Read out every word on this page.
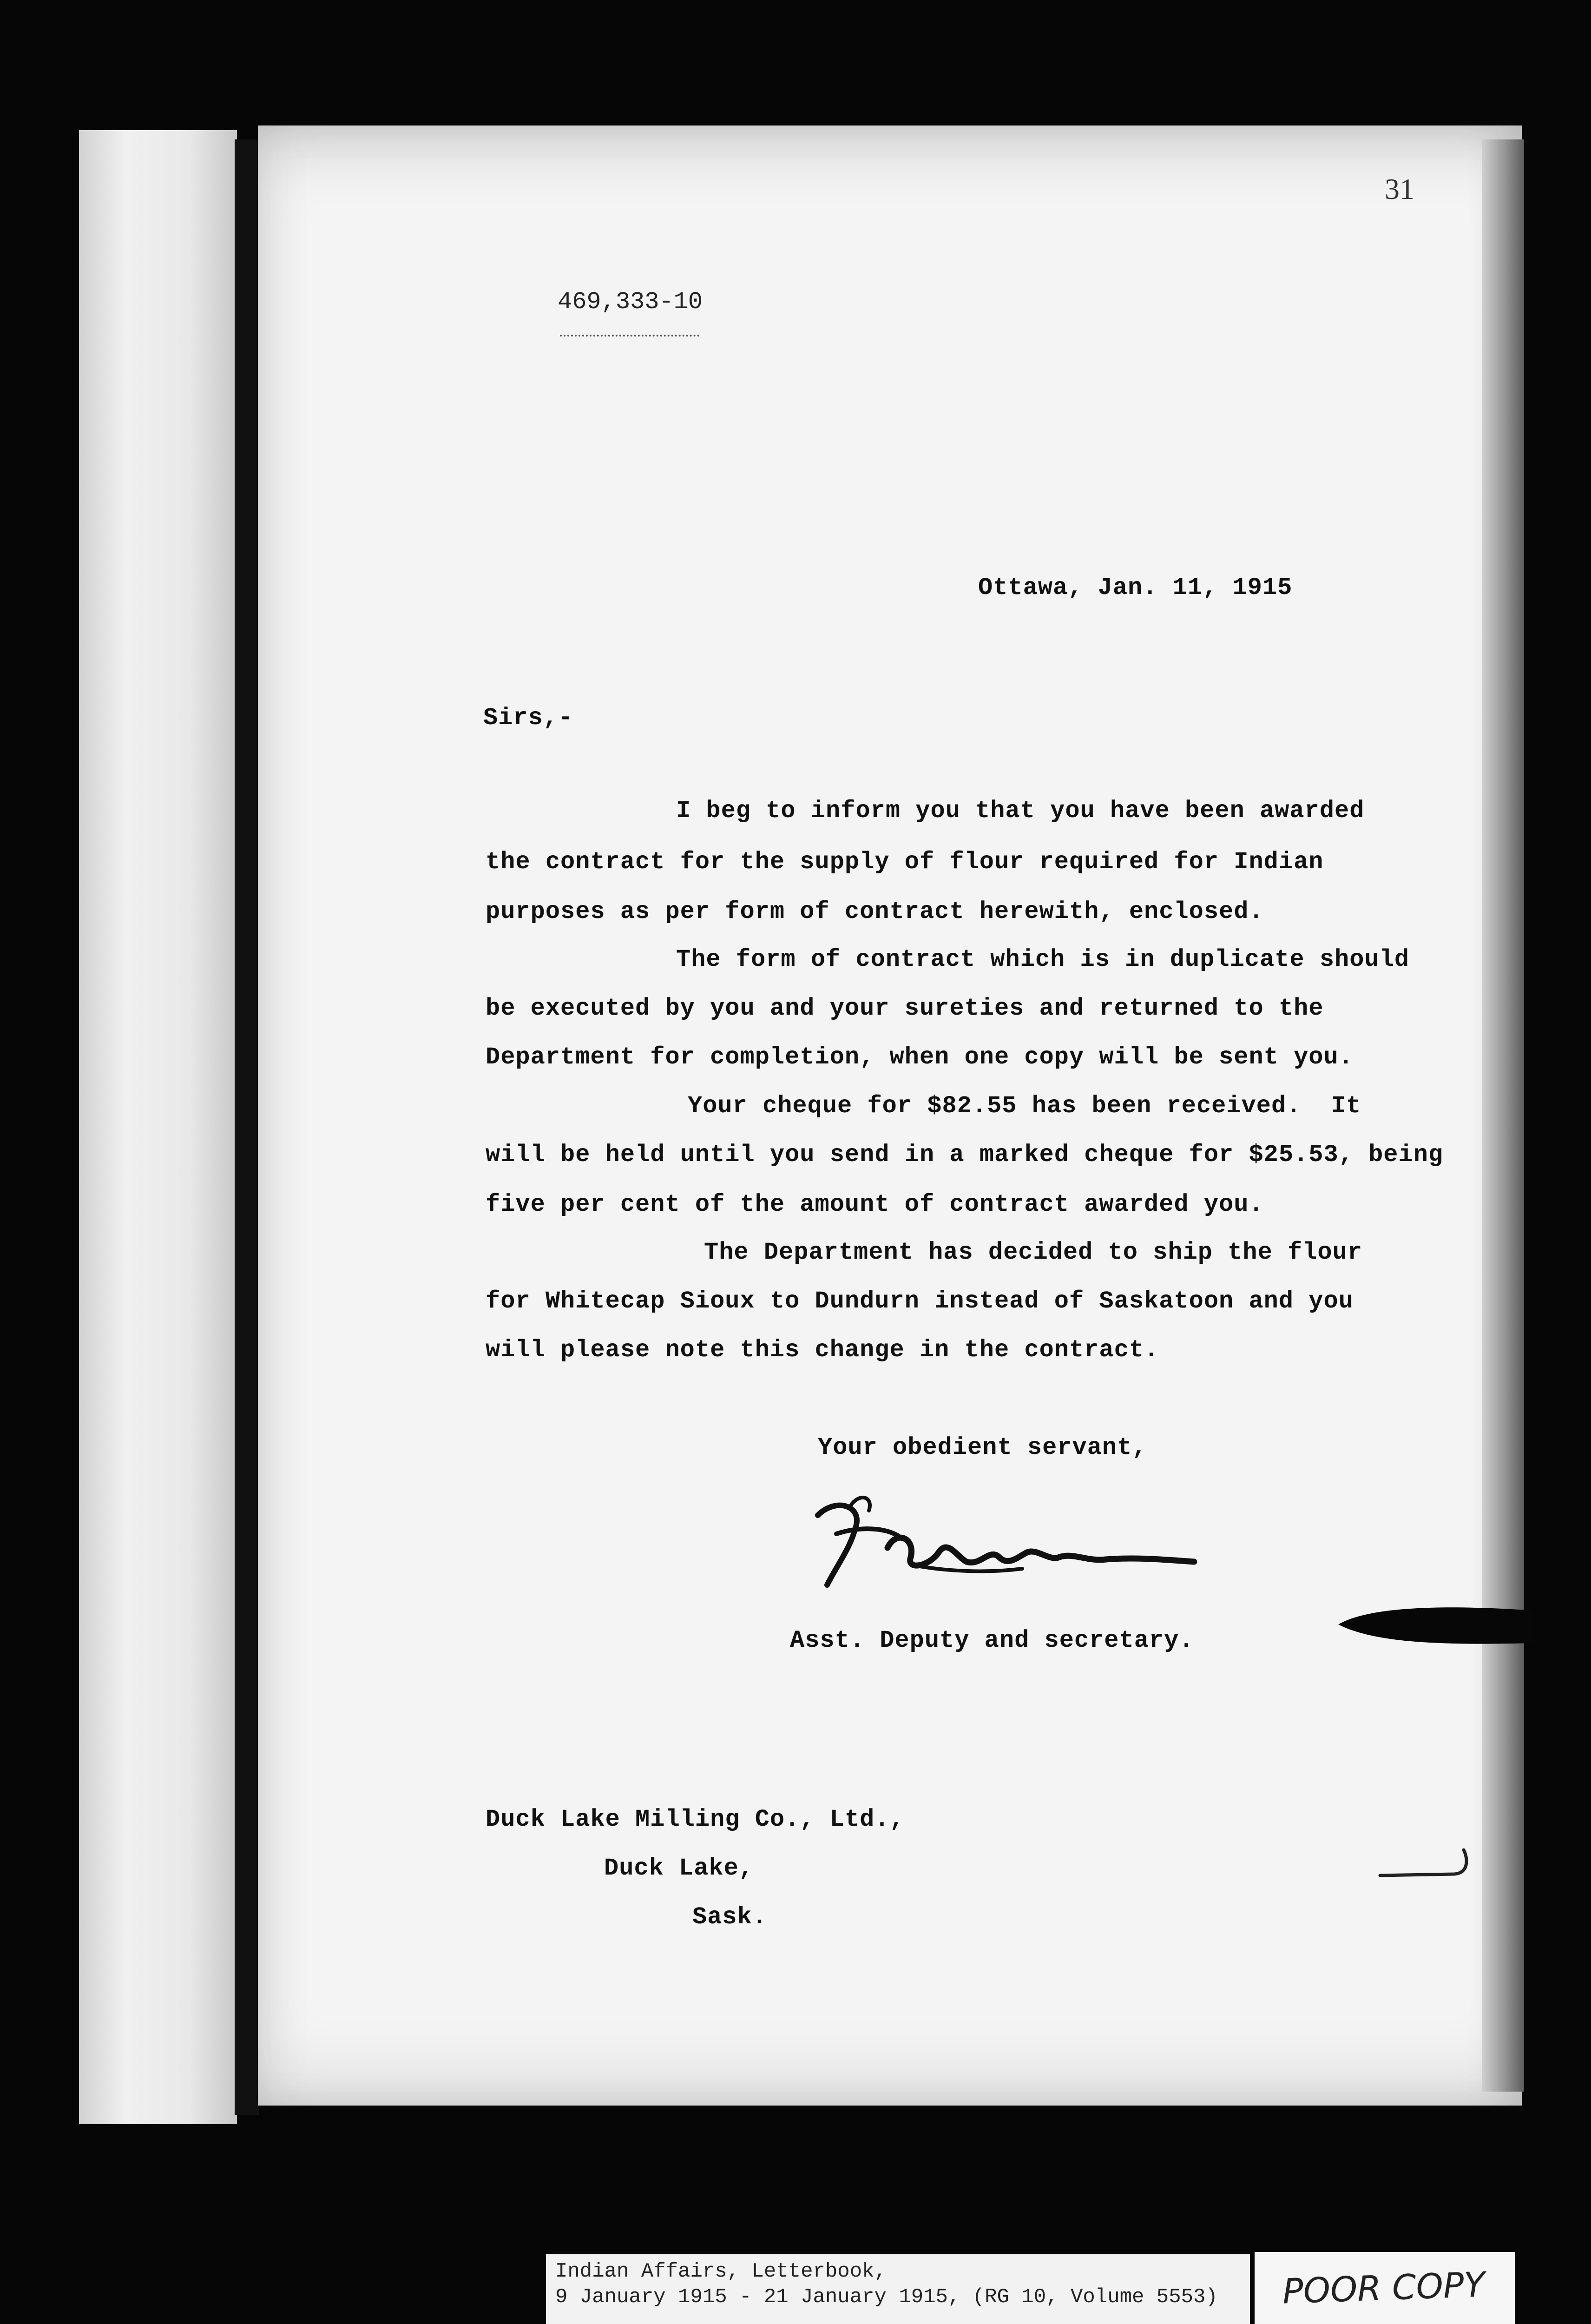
31
469,333-10
Ottawa, Jan. 11, 1915
Sirs,-
I beg to inform you that you have been awarded
the contract for the supply of flour required for Indian
purposes as per form of contract herewith, enclosed.
The form of contract which is in duplicate should
be executed by you and your sureties and returned to the
Department for completion, when one copy will be sent you.
Your cheque for $82.55 has been received.  It
will be held until you send in a marked cheque for $25.53, being
five per cent of the amount of contract awarded you.
The Department has decided to ship the flour
for Whitecap Sioux to Dundurn instead of Saskatoon and you
will please note this change in the contract.
Your obedient servant,
Asst. Deputy and secretary.
Duck Lake Milling Co., Ltd.,
Duck Lake,
Sask.
Indian Affairs, Letterbook,
9 January 1915 - 21 January 1915, (RG 10, Volume 5553) POOR COPY
